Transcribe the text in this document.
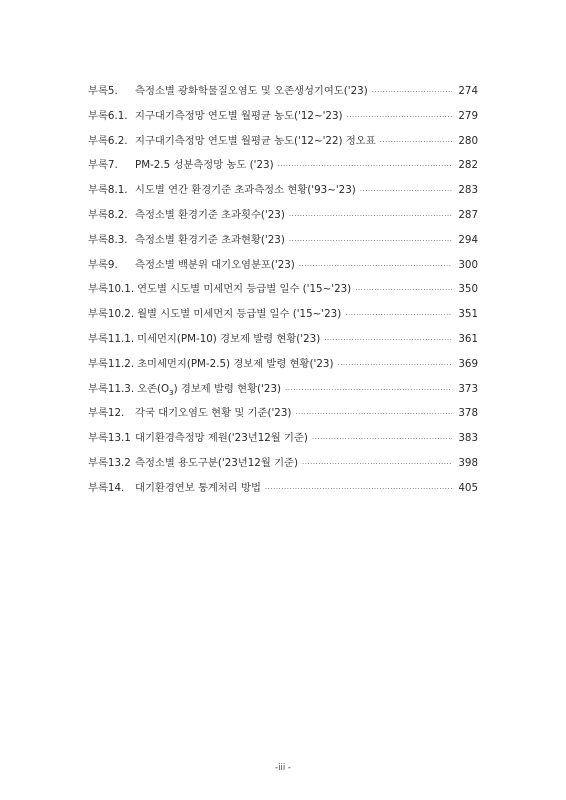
부록5.	측정소별 광화학물질오염도 및 오존생성기여도('23) ·····	274
부록6.1. 지구대기측정망 연도별 월평균 농도('12~'23) ·····	279
부록6.2. 지구대기측정망 연도별 월평균 농도('12~'22) 정오표 ·····	280
부록7.	PM-2.5 성분측정망 농도 ('23) ·····	282
부록8.1. 시도별 연간 환경기준 초과측정소 현황('93~'23) ·····	283
부록8.2. 측정소별 환경기준 초과횟수('23) ·····	287
부록8.3. 측정소별 환경기준 초과현황('23) ·····	294
부록9.	측정소별 백분위 대기오염분포('23) ·····	300
부록10.1. 연도별 시도별 미세먼지 등급별 일수 ('15~'23) ·····	350
부록10.2. 월별 시도별 미세먼지 등급별 일수 ('15~'23) ·····	351
부록11.1. 미세먼지(PM-10) 경보제 발령 현황('23) ·····	361
부록11.2. 초미세먼지(PM-2.5) 경보제 발령 현황('23) ·····	369
부록11.3. 오존$(O_3)$ 경보제 발령 현황('23) ·····	373
부록12.	각국 대기오염도 현황 및 기준('23) ·····	378
부록13.1 대기환경측정망 제원('23년12월 기준) ·····	383
부록13.2 측정소별 용도구분('23년12월 기준) ·····	398
부록14.	대기환경연보 통계처리 방법 ·····	405
-iii -
